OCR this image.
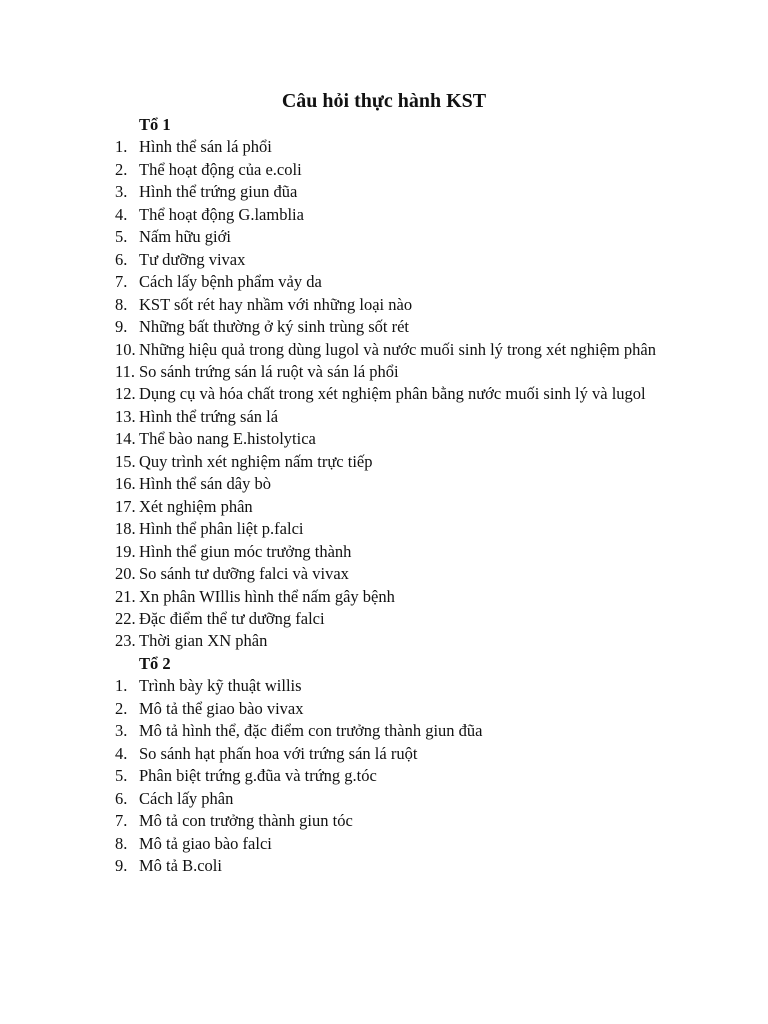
Câu hỏi thực hành KST
Tổ 1
1. Hình thể sán lá phổi
2. Thể hoạt động của e.coli
3. Hình thể trứng giun đũa
4. Thể hoạt động G.lamblia
5. Nấm hữu giới
6. Tư dưỡng vivax
7. Cách lấy bệnh phẩm vảy da
8. KST sốt rét hay nhầm với những loại nào
9. Những bất thường ở ký sinh trùng sốt rét
10. Những hiệu quả trong dùng lugol và nước muối sinh lý trong xét nghiệm phân
11. So sánh trứng sán lá ruột và sán lá phổi
12. Dụng cụ và hóa chất trong xét nghiệm phân bằng nước muối sinh lý và lugol
13. Hình thể trứng sán lá
14. Thể bào nang E.histolytica
15. Quy trình xét nghiệm nấm trực tiếp
16. Hình thể sán dây bò
17. Xét nghiệm phân
18. Hình thể phân liệt p.falci
19. Hình thể giun móc trưởng thành
20. So sánh tư dưỡng falci và vivax
21. Xn phân WIllis hình thể nấm gây bệnh
22. Đặc điểm thể tư dưỡng falci
23. Thời gian XN phân
Tổ 2
1. Trình bày kỹ thuật willis
2. Mô tả thể giao bào vivax
3. Mô tả hình thể, đặc điểm con trưởng thành giun đũa
4. So sánh hạt phấn hoa với trứng sán lá ruột
5. Phân biệt trứng g.đũa và trứng g.tóc
6. Cách lấy phân
7. Mô tả con trưởng thành giun tóc
8. Mô tả giao bào falci
9. Mô tả B.coli
